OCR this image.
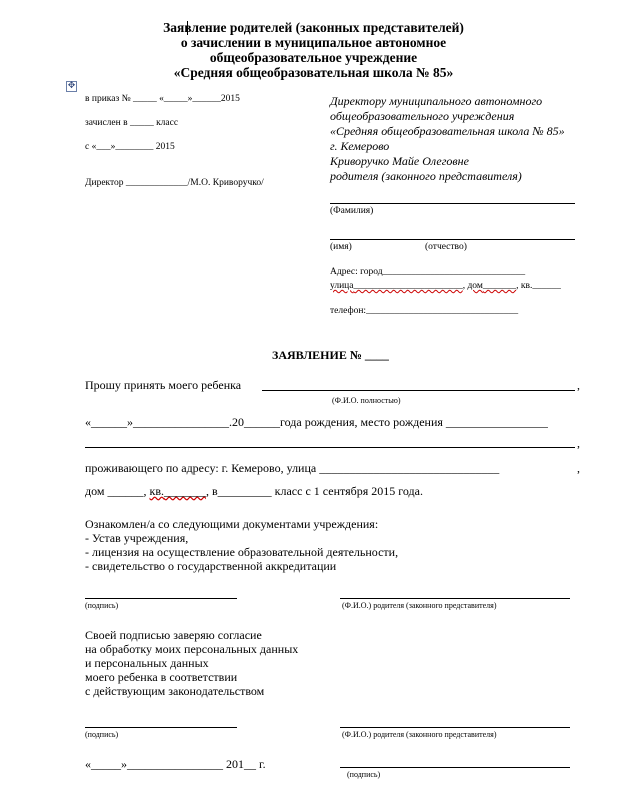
Заявление родителей (законных представителей)
о зачислении в муниципальное автономное
общеобразовательное учреждение
«Средняя общеобразовательная школа № 85»
✥
в приказ № _____ «_____»______2015
зачислен в _____ класс
с «___»________ 2015
Директор _____________/М.О. Криворучко/
Директору муниципального автономного
общеобразовательного учреждения
«Средняя общеобразовательная школа № 85»
г. Кемерово
Криворучко Майе Олеговне
родителя (законного представителя)
(Фамилия)
(имя)	(отчество)
Адрес: город______________________________
улица_______________________, дом_______, кв.______
телефон:________________________________
ЗАЯВЛЕНИЕ № ____
Прошу принять моего ребенка	,
(Ф.И.О. полностью)
«______»________________.20______года рождения, место рождения _________________
,
проживающего по адресу: г. Кемерово, улица ______________________________	,
дом ______, кв._______, в_________ класс с 1 сентября 2015 года.
Ознакомлен/а со следующими документами учреждения:
- Устав учреждения,
- лицензия на осуществление образовательной деятельности,
- свидетельство о государственной аккредитации
(подпись)	(Ф.И.О.) родителя (законного представителя)
Своей подписью заверяю согласие
на обработку моих персональных данных
и персональных данных
моего ребенка в соответствии
с действующим законодательством
(подпись)	(Ф.И.О.) родителя (законного представителя)
«_____»________________ 201__ г.
(подпись)
